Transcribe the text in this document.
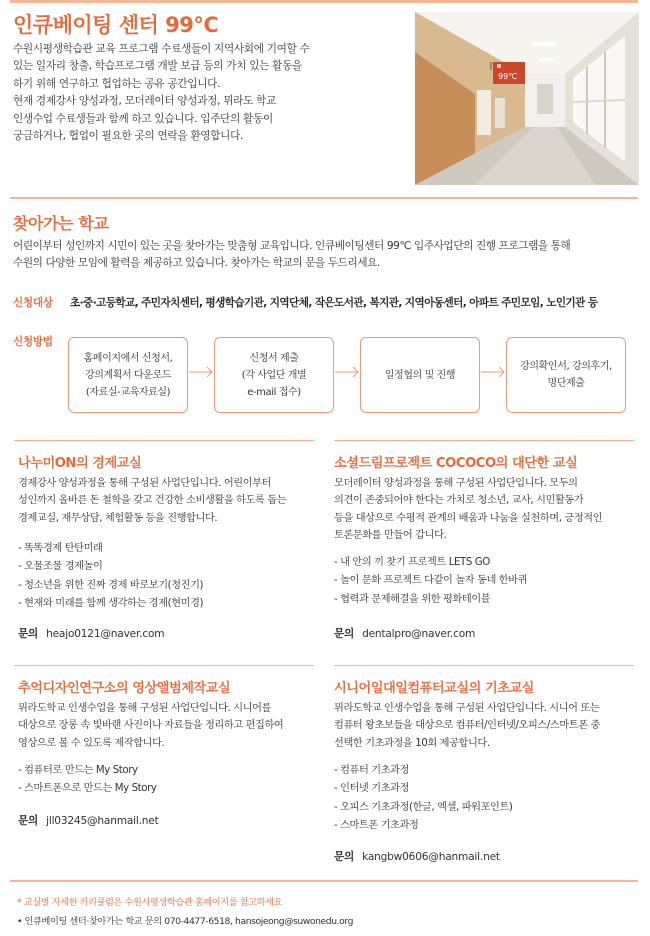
인큐베이팅 센터 99℃

수원시평생학습관 교육 프로그램 수료생들이 지역사회에 기여할 수

있는 일자리 창출, 학습프로그램 개발 보급 등의 가치 있는 활동을

하기 위해 연구하고 협업하는 공유 공간입니다.

현재 경제강사 양성과정, 모더레이터 양성과정, 뮈라도 학교

인생수업 수료생들과 함께 하고 있습니다. 입주단의 활동이

궁금하거나, 협업이 필요한 곳의 연락을 환영합니다.

99℃
찾아가는 학교

어린이부터 성인까지 시민이 있는 곳을 찾아가는 맞춤형 교육입니다. 인큐베이팅센터 99℃ 입주사업단의 진행 프로그램을 통해

수원의 다양한 모임에 활력을 제공하고 있습니다. 찾아가는 학교의 문을 두드리세요.

신청대상 초·중·고등학교, 주민자치센터, 평생학습기관, 지역단체, 작은도서관, 복지관, 지역아동센터, 아파트 주민모임, 노인기관 등
신청방법
홈페이지에서 신청서,
강의계획서 다운로드
(자료실-교육자료실)
신청서 제출
(각 사업단 개별
e-mail 접수)
일정협의 및 진행
강의확인서, 강의후기,
명단제출
나누미ON의 경제교실

경제강사 양성과정을 통해 구성된 사업단입니다. 어린이부터

성인까지 올바른 돈 철학을 갖고 건강한 소비생활을 하도록 돕는

경제교실, 재무상담, 체험활동 등을 진행합니다.

- 똑똑경제 탄탄미래
- 오물조물 경제놀이
- 청소년을 위한 진짜 경제 바로보기(청진기)
- 현재와 미래를 함께 생각하는 경제(현미경)
문의 heajo0121@naver.com
소셜드림프로젝트 COCOCO의 대단한 교실

모더레이터 양성과정을 통해 구성된 사업단입니다. 모두의

의견이 존중되어야 한다는 가치로 청소년, 교사, 시민활동가

등을 대상으로 수평적 관계의 배움과 나눔을 실천하며, 긍정적인

토론문화를 만들어 갑니다.

- 내 안의 끼 찾기 프로젝트 LETS GO
- 놀이 문화 프로젝트 다같이 놀자 동네 한바퀴
- 협력과 문제해결을 위한 평화테이블
문의 dentalpro@naver.com
추억디자인연구소의 영상앨범제작교실

뮈라도학교 인생수업을 통해 구성된 사업단입니다. 시니어를

대상으로 장롱 속 빛바랜 사진이나 자료들을 정리하고 편집하여

영상으로 볼 수 있도록 제작합니다.

- 컴퓨터로 만드는 My Story
- 스마트폰으로 만드는 My Story
문의 jll03245@hanmail.net
시니어일대일컴퓨터교실의 기초교실

뮈라도학교 인생수업을 통해 구성된 사업단입니다. 시니어 또는

컴퓨터 왕초보들을 대상으로 컴퓨터/인터넷/오피스/스마트폰 중

선택한 기초과정을 10회 제공합니다.

- 컴퓨터 기초과정
- 인터넷 기초과정
- 오피스 기초과정(한글, 엑셀, 파워포인트)
- 스마트폰 기초과정
문의 kangbw0606@hanmail.net
* 교실별 자세한 커리큘럼은 수원시평생학습관 홈페이지를 참고하세요
• 인큐베이팅 센터·찾아가는 학교 문의 070-4477-6518, hansojeong@suwonedu.org
